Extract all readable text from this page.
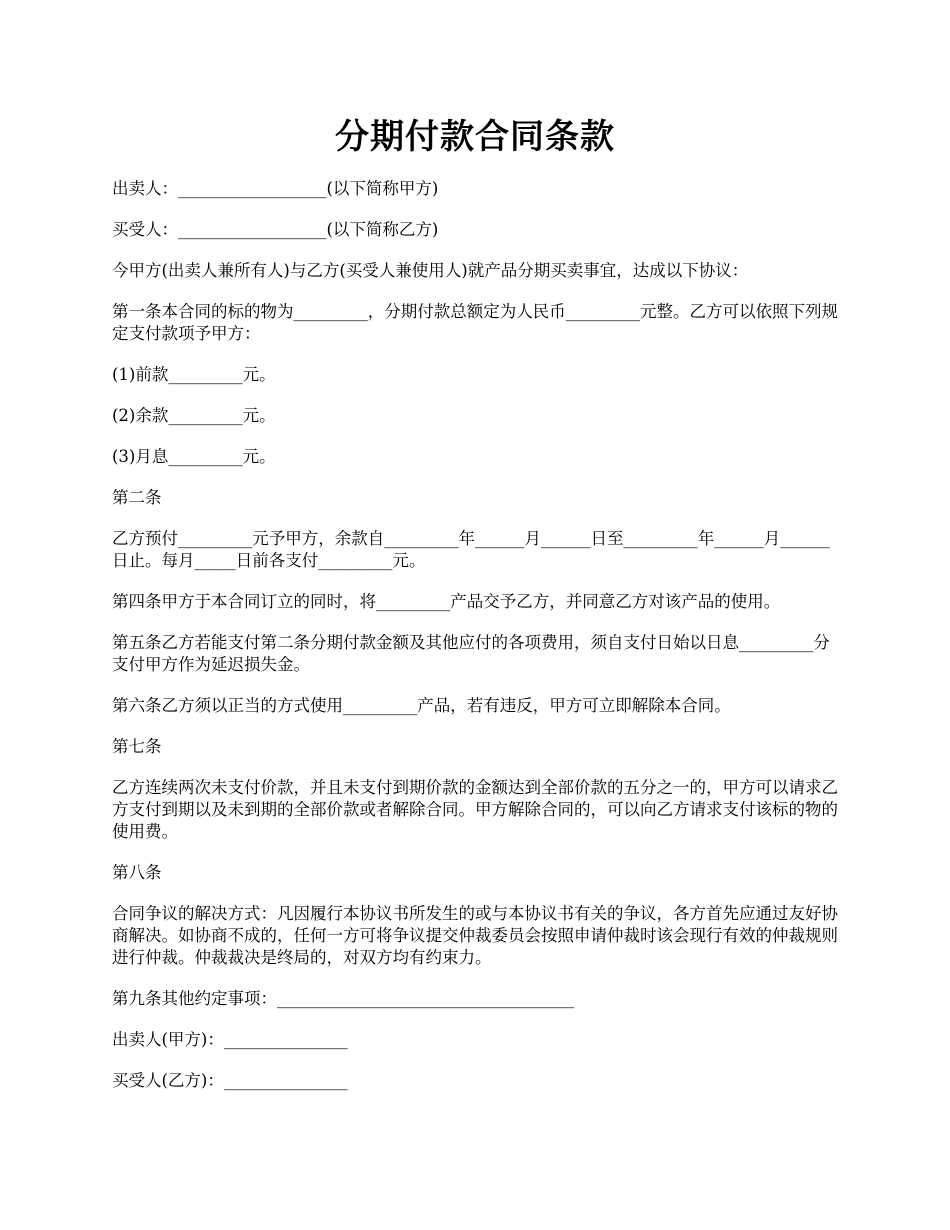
分期付款合同条款

出卖人：__________________(以下简称甲方)

买受人：__________________(以下简称乙方)

今甲方(出卖人兼所有人)与乙方(买受人兼使用人)就产品分期买卖事宜，达成以下协议：

第一条本合同的标的物为_________，分期付款总额定为人民币_________元整。乙方可以依照下列规定支付款项予甲方：

(1)前款_________元。

(2)余款_________元。

(3)月息_________元。

第二条

乙方预付_________元予甲方，余款自_________年______月______日至_________年______月______日止。每月_____日前各支付_________元。

第四条甲方于本合同订立的同时，将_________产品交予乙方，并同意乙方对该产品的使用。

第五条乙方若能支付第二条分期付款金额及其他应付的各项费用，须自支付日始以日息_________分支付甲方作为延迟损失金。

第六条乙方须以正当的方式使用_________产品，若有违反，甲方可立即解除本合同。

第七条

乙方连续两次未支付价款，并且未支付到期价款的金额达到全部价款的五分之一的，甲方可以请求乙方支付到期以及未到期的全部价款或者解除合同。甲方解除合同的，可以向乙方请求支付该标的物的使用费。

第八条

合同争议的解决方式：凡因履行本协议书所发生的或与本协议书有关的争议，各方首先应通过友好协商解决。如协商不成的，任何一方可将争议提交仲裁委员会按照申请仲裁时该会现行有效的仲裁规则进行仲裁。仲裁裁决是终局的，对双方均有约束力。

第九条其他约定事项：____________________________________

出卖人(甲方)：_______________

买受人(乙方)：_______________
